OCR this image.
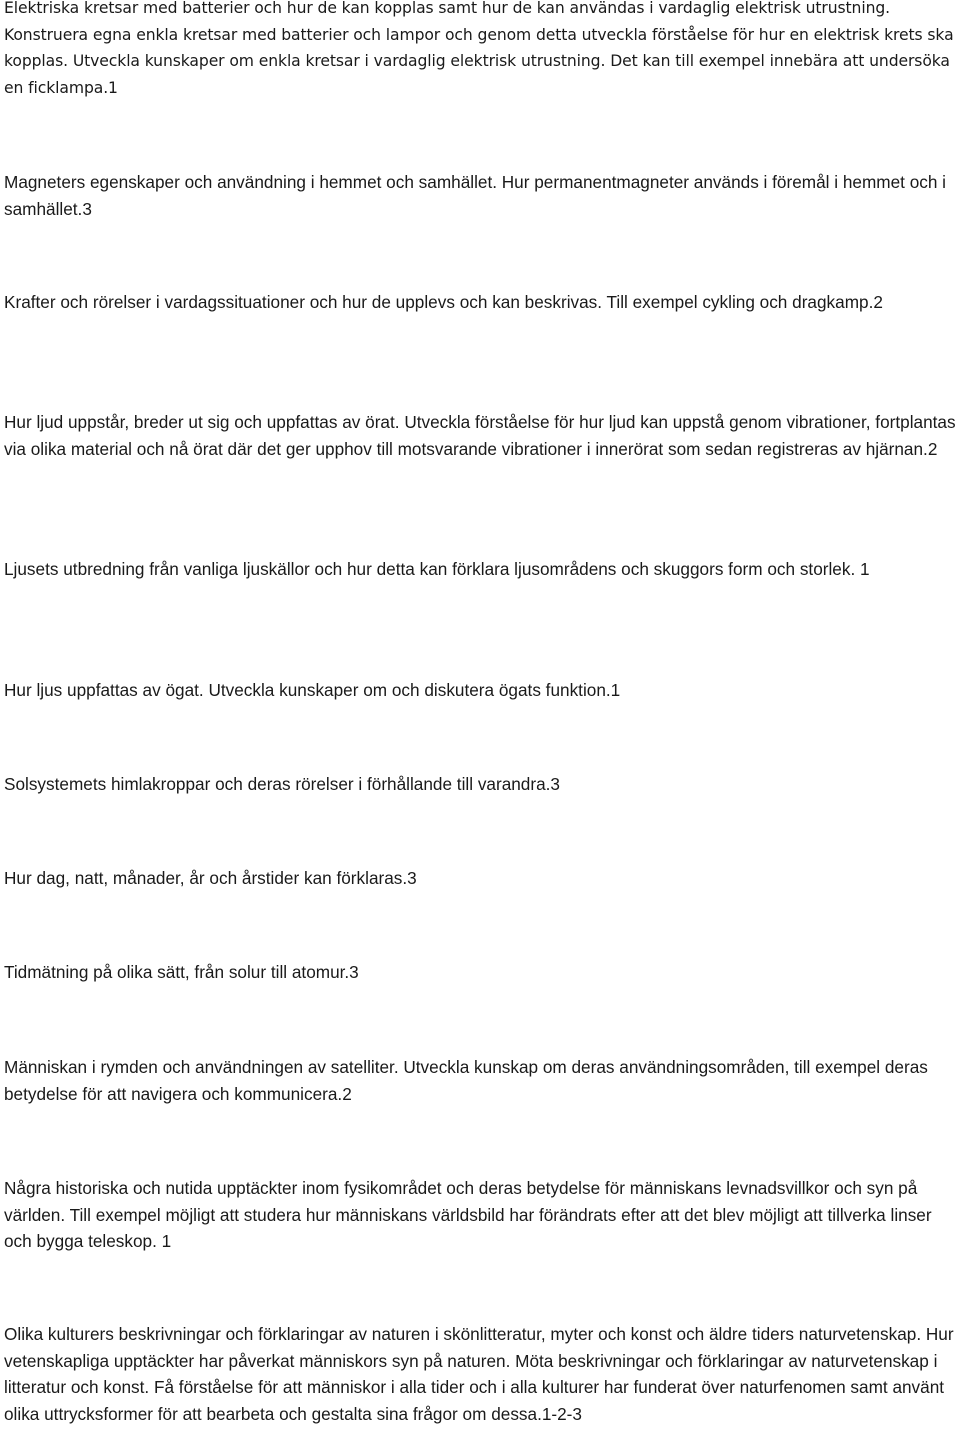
Elektriska kretsar med batterier och hur de kan kopplas samt hur de kan användas i vardaglig elektrisk utrustning. Konstruera egna enkla kretsar med batterier och lampor och genom detta utveckla förståelse för hur en elektrisk krets ska kopplas. Utveckla kunskaper om enkla kretsar i vardaglig elektrisk utrustning. Det kan till exempel innebära att undersöka en ficklampa.1

Magneters egenskaper och användning i hemmet och samhället. Hur permanentmagneter används i föremål i hemmet och i samhället.3

Krafter och rörelser i vardagssituationer och hur de upplevs och kan beskrivas. Till exempel cykling och dragkamp.2

Hur ljud uppstår, breder ut sig och uppfattas av örat. Utveckla förståelse för hur ljud kan uppstå genom vibrationer, fortplantas via olika material och nå örat där det ger upphov till motsvarande vibrationer i innerörat som sedan registreras av hjärnan.2

Ljusets utbredning från vanliga ljuskällor och hur detta kan förklara ljusområdens och skuggors form och storlek. 1

Hur ljus uppfattas av ögat. Utveckla kunskaper om och diskutera ögats funktion.1

Solsystemets himlakroppar och deras rörelser i förhållande till varandra.3

Hur dag, natt, månader, år och årstider kan förklaras.3

Tidmätning på olika sätt, från solur till atomur.3

Människan i rymden och användningen av satelliter. Utveckla kunskap om deras användningsområden, till exempel deras betydelse för att navigera och kommunicera.2

Några historiska och nutida upptäckter inom fysikområdet och deras betydelse för människans levnadsvillkor och syn på världen. Till exempel möjligt att studera hur människans världsbild har förändrats efter att det blev möjligt att tillverka linser och bygga teleskop. 1

Olika kulturers beskrivningar och förklaringar av naturen i skönlitteratur, myter och konst och äldre tiders naturvetenskap. Hur vetenskapliga upptäckter har påverkat människors syn på naturen. Möta beskrivningar och förklaringar av naturvetenskap i litteratur och konst. Få förståelse för att människor i alla tider och i alla kulturer har funderat över naturfenomen samt använt olika uttrycksformer för att bearbeta och gestalta sina frågor om dessa.1-2-3
